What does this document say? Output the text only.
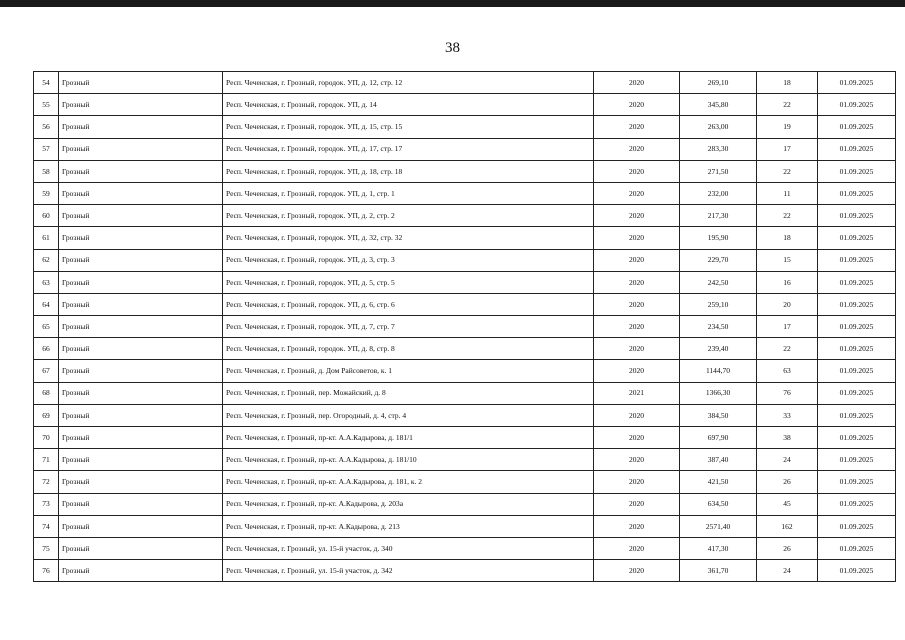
38
54	Грозный	Респ. Чеченская, г. Грозный, городок. УП, д. 12, стр. 12	2020	269,10	18	01.09.2025
55	Грозный	Респ. Чеченская, г. Грозный, городок. УП, д. 14	2020	345,80	22	01.09.2025
56	Грозный	Респ. Чеченская, г. Грозный, городок. УП, д. 15, стр. 15	2020	263,00	19	01.09.2025
57	Грозный	Респ. Чеченская, г. Грозный, городок. УП, д. 17, стр. 17	2020	283,30	17	01.09.2025
58	Грозный	Респ. Чеченская, г. Грозный, городок. УП, д. 18, стр. 18	2020	271,50	22	01.09.2025
59	Грозный	Респ. Чеченская, г. Грозный, городок. УП, д. 1, стр. 1	2020	232,00	11	01.09.2025
60	Грозный	Респ. Чеченская, г. Грозный, городок. УП, д. 2, стр. 2	2020	217,30	22	01.09.2025
61	Грозный	Респ. Чеченская, г. Грозный, городок. УП, д. 32, стр. 32	2020	195,90	18	01.09.2025
62	Грозный	Респ. Чеченская, г. Грозный, городок. УП, д. 3, стр. 3	2020	229,70	15	01.09.2025
63	Грозный	Респ. Чеченская, г. Грозный, городок. УП, д. 5, стр. 5	2020	242,50	16	01.09.2025
64	Грозный	Респ. Чеченская, г. Грозный, городок. УП, д. 6, стр. 6	2020	259,10	20	01.09.2025
65	Грозный	Респ. Чеченская, г. Грозный, городок. УП, д. 7, стр. 7	2020	234,50	17	01.09.2025
66	Грозный	Респ. Чеченская, г. Грозный, городок. УП, д. 8, стр. 8	2020	239,40	22	01.09.2025
67	Грозный	Респ. Чеченская, г. Грозный, д. Дом Райсоветов, к. 1	2020	1144,70	63	01.09.2025
68	Грозный	Респ. Чеченская, г. Грозный, пер. Можайский, д. 8	2021	1366,30	76	01.09.2025
69	Грозный	Респ. Чеченская, г. Грозный, пер. Огородный, д. 4, стр. 4	2020	384,50	33	01.09.2025
70	Грозный	Респ. Чеченская, г. Грозный, пр-кт. А.А.Кадырова, д. 181/1	2020	697,90	38	01.09.2025
71	Грозный	Респ. Чеченская, г. Грозный, пр-кт. А.А.Кадырова, д. 181/10	2020	387,40	24	01.09.2025
72	Грозный	Респ. Чеченская, г. Грозный, пр-кт. А.А.Кадырова, д. 181, к. 2	2020	421,50	26	01.09.2025
73	Грозный	Респ. Чеченская, г. Грозный, пр-кт. А.Кадырова, д. 203а	2020	634,50	45	01.09.2025
74	Грозный	Респ. Чеченская, г. Грозный, пр-кт. А.Кадырова, д. 213	2020	2571,40	162	01.09.2025
75	Грозный	Респ. Чеченская, г. Грозный, ул. 15-й участок, д. 340	2020	417,30	26	01.09.2025
76	Грозный	Респ. Чеченская, г. Грозный, ул. 15-й участок, д. 342	2020	361,70	24	01.09.2025
